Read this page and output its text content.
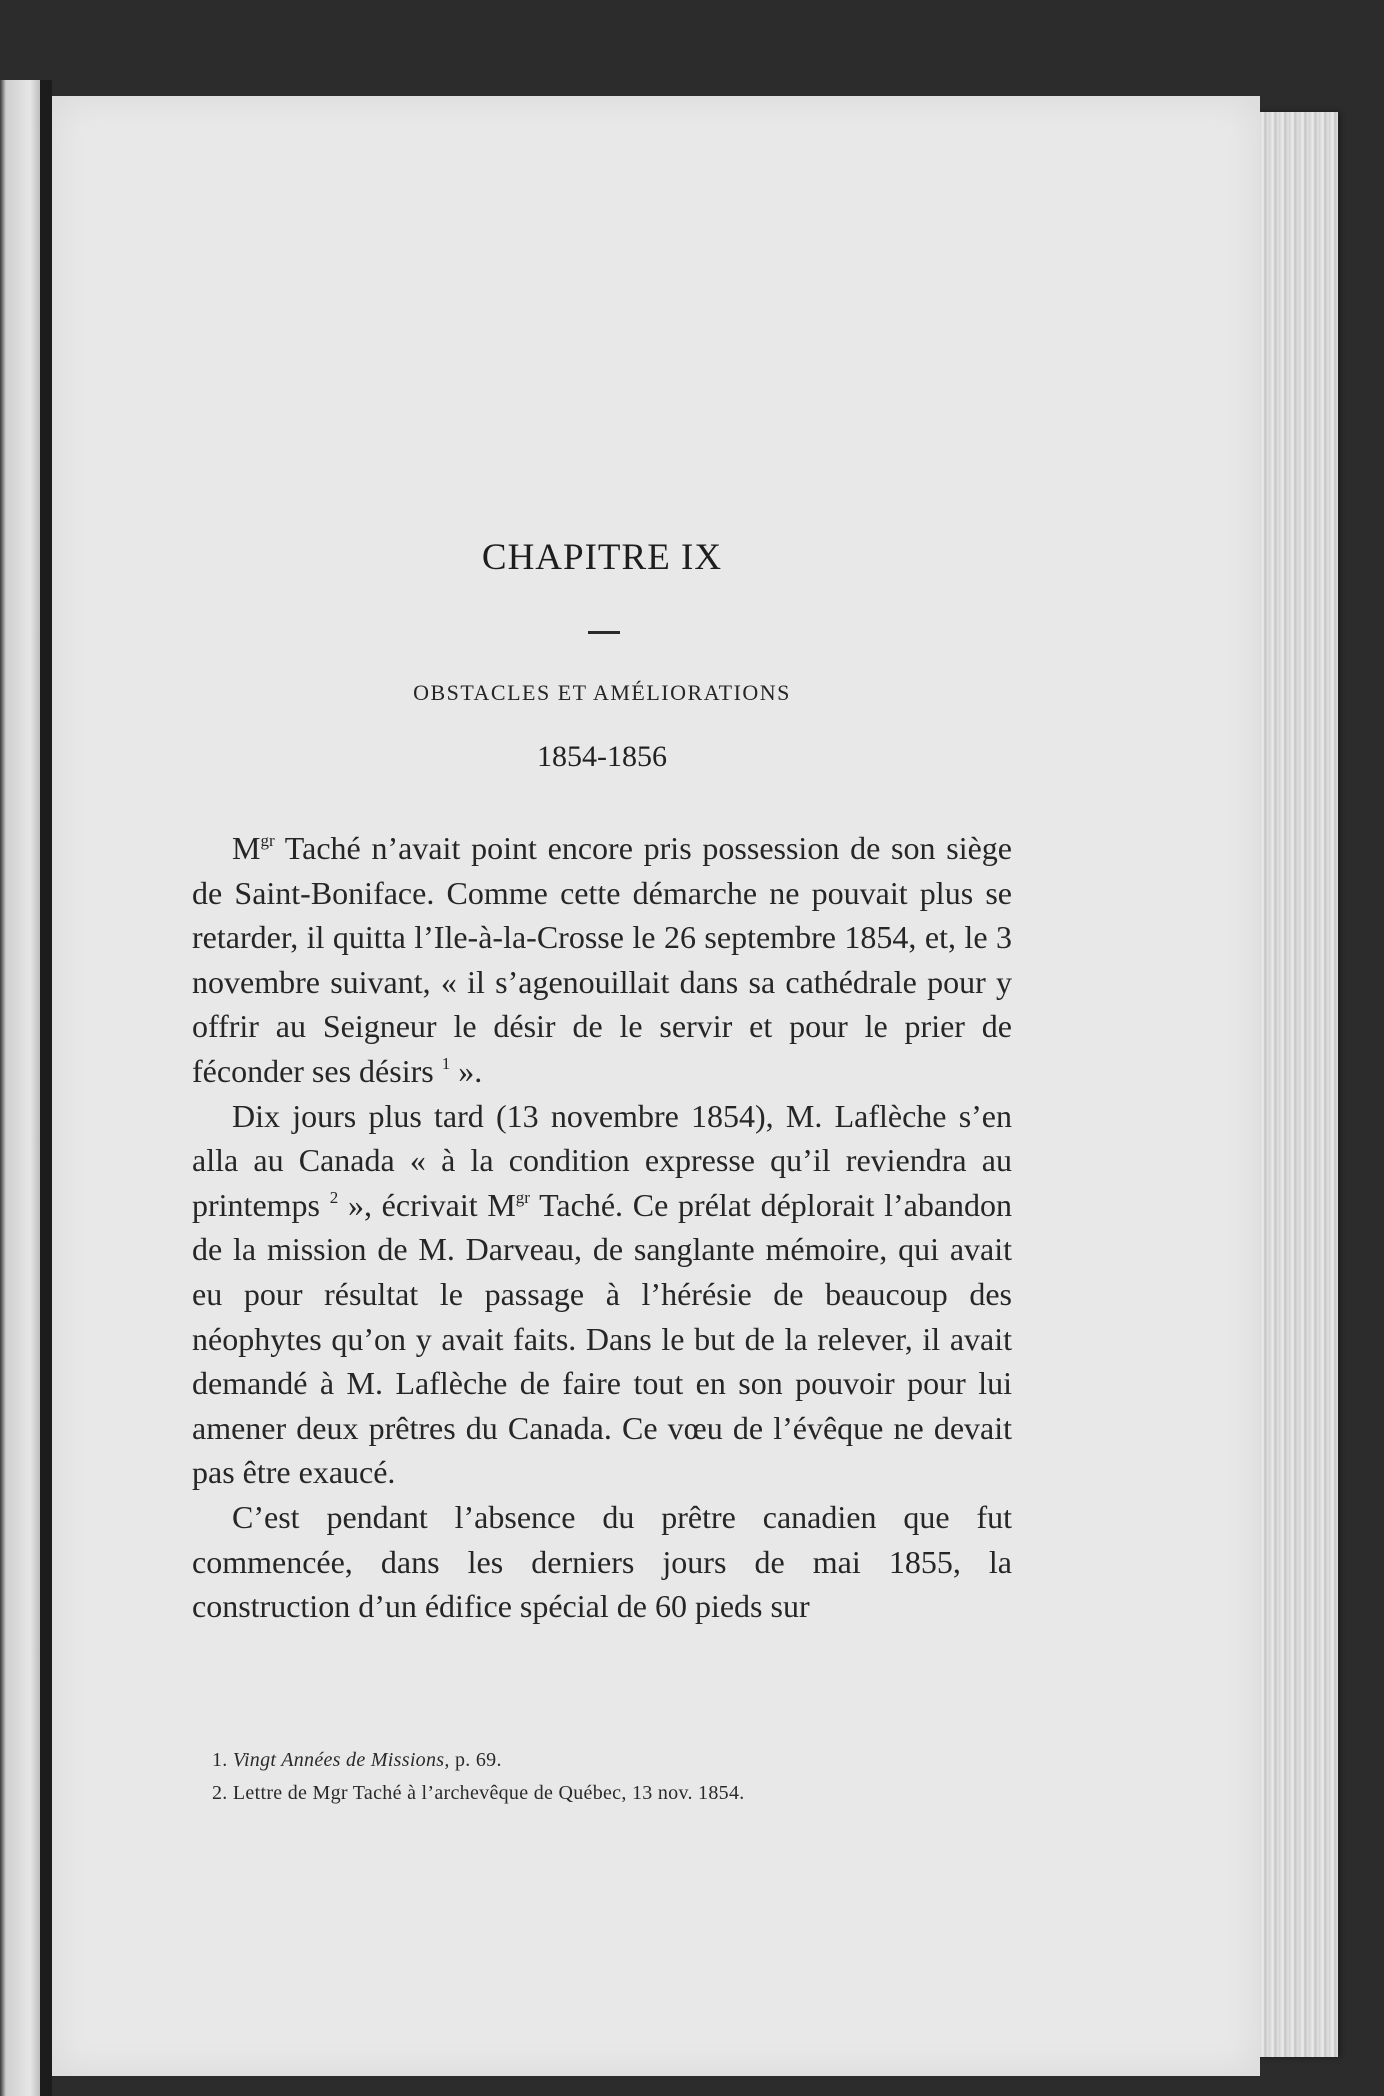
CHAPITRE IX
OBSTACLES ET AMÉLIORATIONS
1854-1856

$M^{gr}$ Taché n’avait point encore pris possession de son siège de Saint-Boniface. Comme cette démarche ne pouvait plus se retarder, il quitta l’Ile-à-la-Crosse le 26 septembre 1854, et, le 3 novembre suivant, « il s’agenouillait dans sa cathédrale pour y offrir au Seigneur le désir de le servir et pour le prier de féconder ses désirs $^1$ ».

Dix jours plus tard (13 novembre 1854), M. Laflèche s’en alla au Canada « à la condition expresse qu’il reviendra au printemps $^2$ », écrivait $M^{gr}$ Taché. Ce prélat déplorait l’abandon de la mission de M. Darveau, de sanglante mémoire, qui avait eu pour résultat le passage à l’hérésie de beaucoup des néophytes qu’on y avait faits. Dans le but de la relever, il avait demandé à M. Laflèche de faire tout en son pouvoir pour lui amener deux prêtres du Canada. Ce vœu de l’évêque ne devait pas être exaucé.

C’est pendant l’absence du prêtre canadien que fut commencée, dans les derniers jours de mai 1855, la construction d’un édifice spécial de 60 pieds sur

1. Vingt Années de Missions, p. 69.
2. Lettre de Mgr Taché à l’archevêque de Québec, 13 nov. 1854.
